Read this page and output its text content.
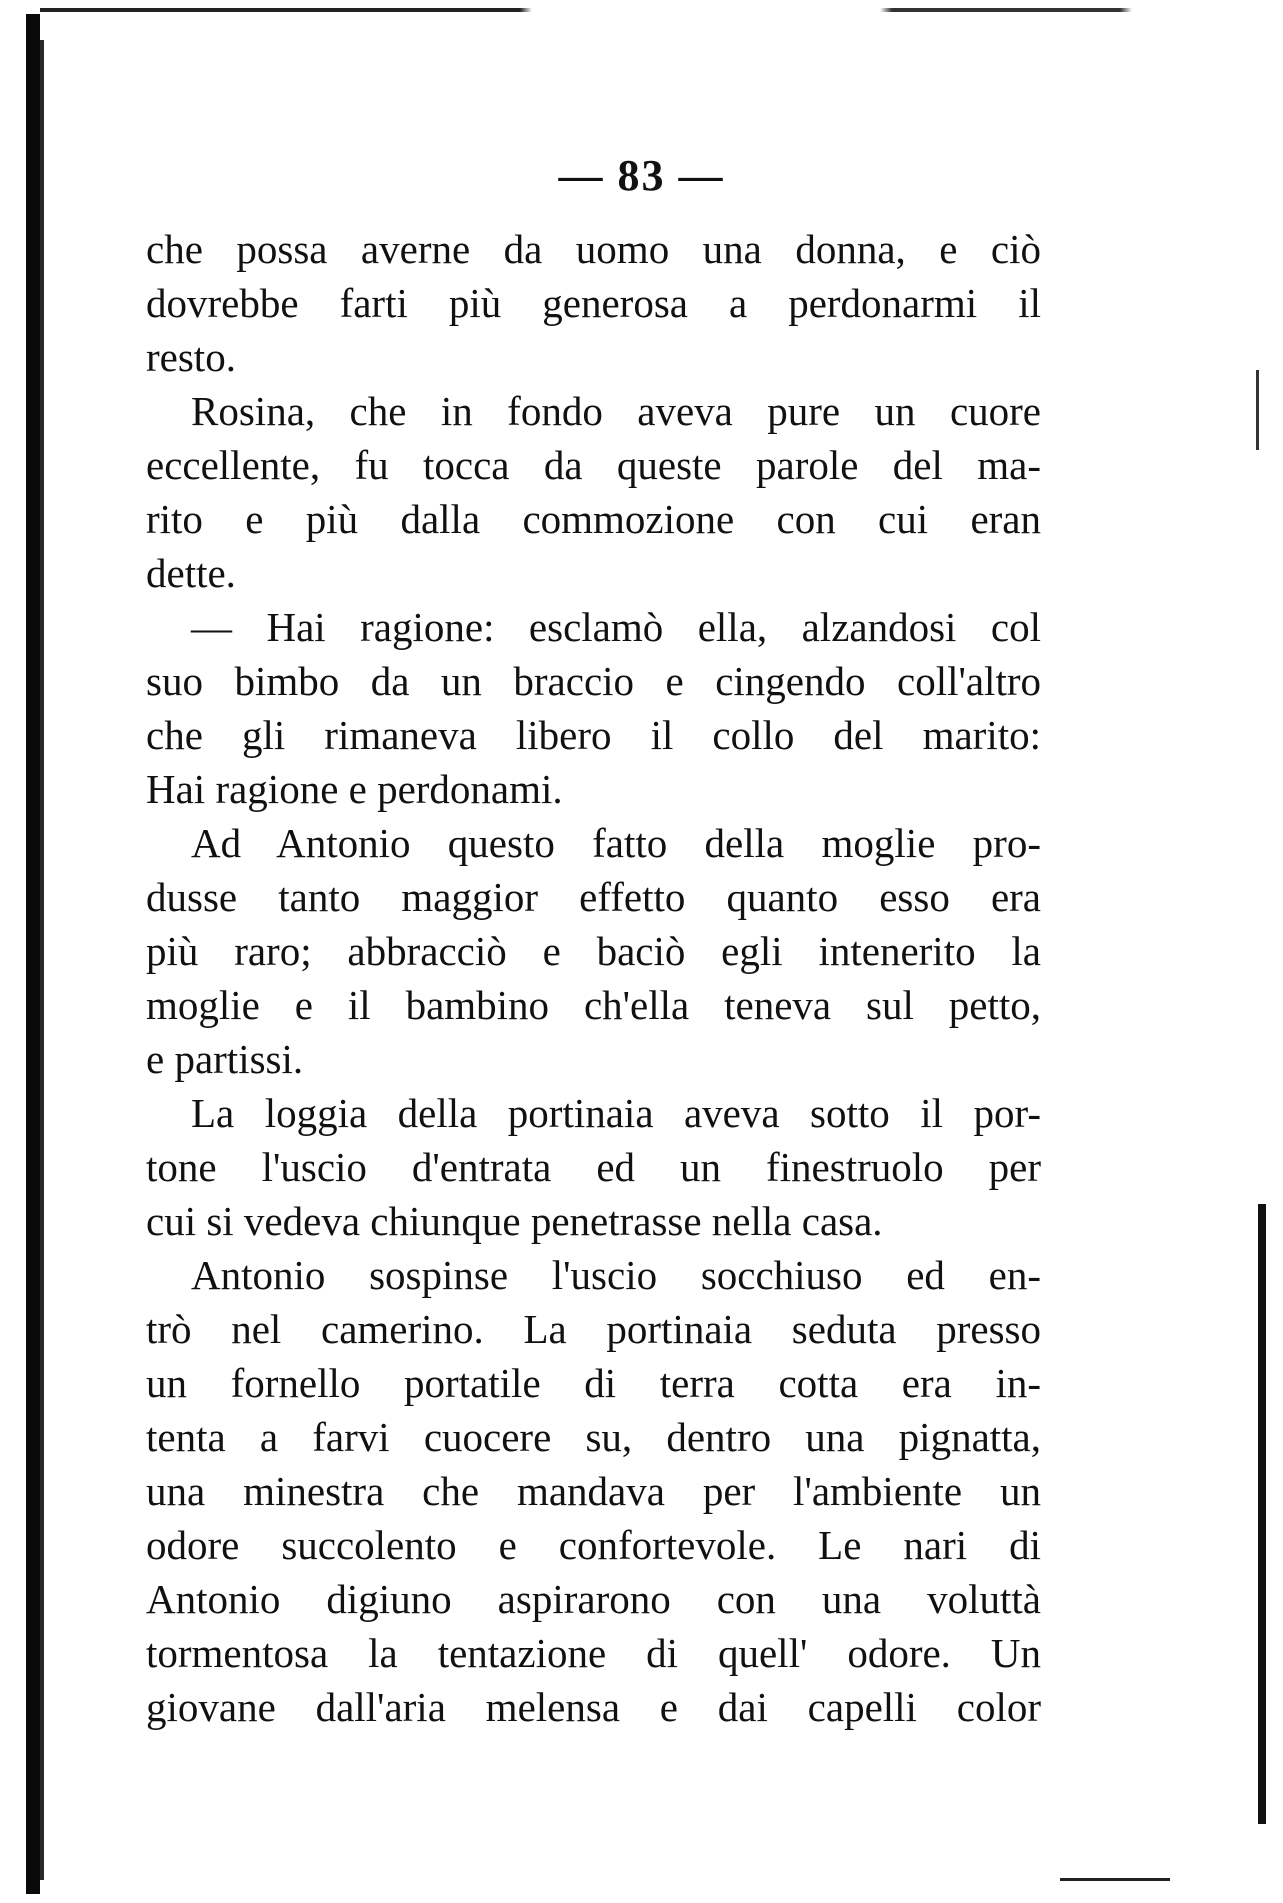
— 83 —
che possa averne da uomo una donna, e ciò
dovrebbe farti più generosa a perdonarmi il
resto.
Rosina, che in fondo aveva pure un cuore
eccellente, fu tocca da queste parole del ma-
rito e più dalla commozione con cui eran
dette.
— Hai ragione: esclamò ella, alzandosi col
suo bimbo da un braccio e cingendo coll'altro
che gli rimaneva libero il collo del marito:
Hai ragione e perdonami.
Ad Antonio questo fatto della moglie pro-
dusse tanto maggior effetto quanto esso era
più raro; abbracciò e baciò egli intenerito la
moglie e il bambino ch'ella teneva sul petto,
e partissi.
La loggia della portinaia aveva sotto il por-
tone l'uscio d'entrata ed un finestruolo per
cui si vedeva chiunque penetrasse nella casa.
Antonio sospinse l'uscio socchiuso ed en-
trò nel camerino. La portinaia seduta presso
un fornello portatile di terra cotta era in-
tenta a farvi cuocere su, dentro una pignatta,
una minestra che mandava per l'ambiente un
odore succolento e confortevole. Le nari di
Antonio digiuno aspirarono con una voluttà
tormentosa la tentazione di quell' odore. Un
giovane dall'aria melensa e dai capelli color
